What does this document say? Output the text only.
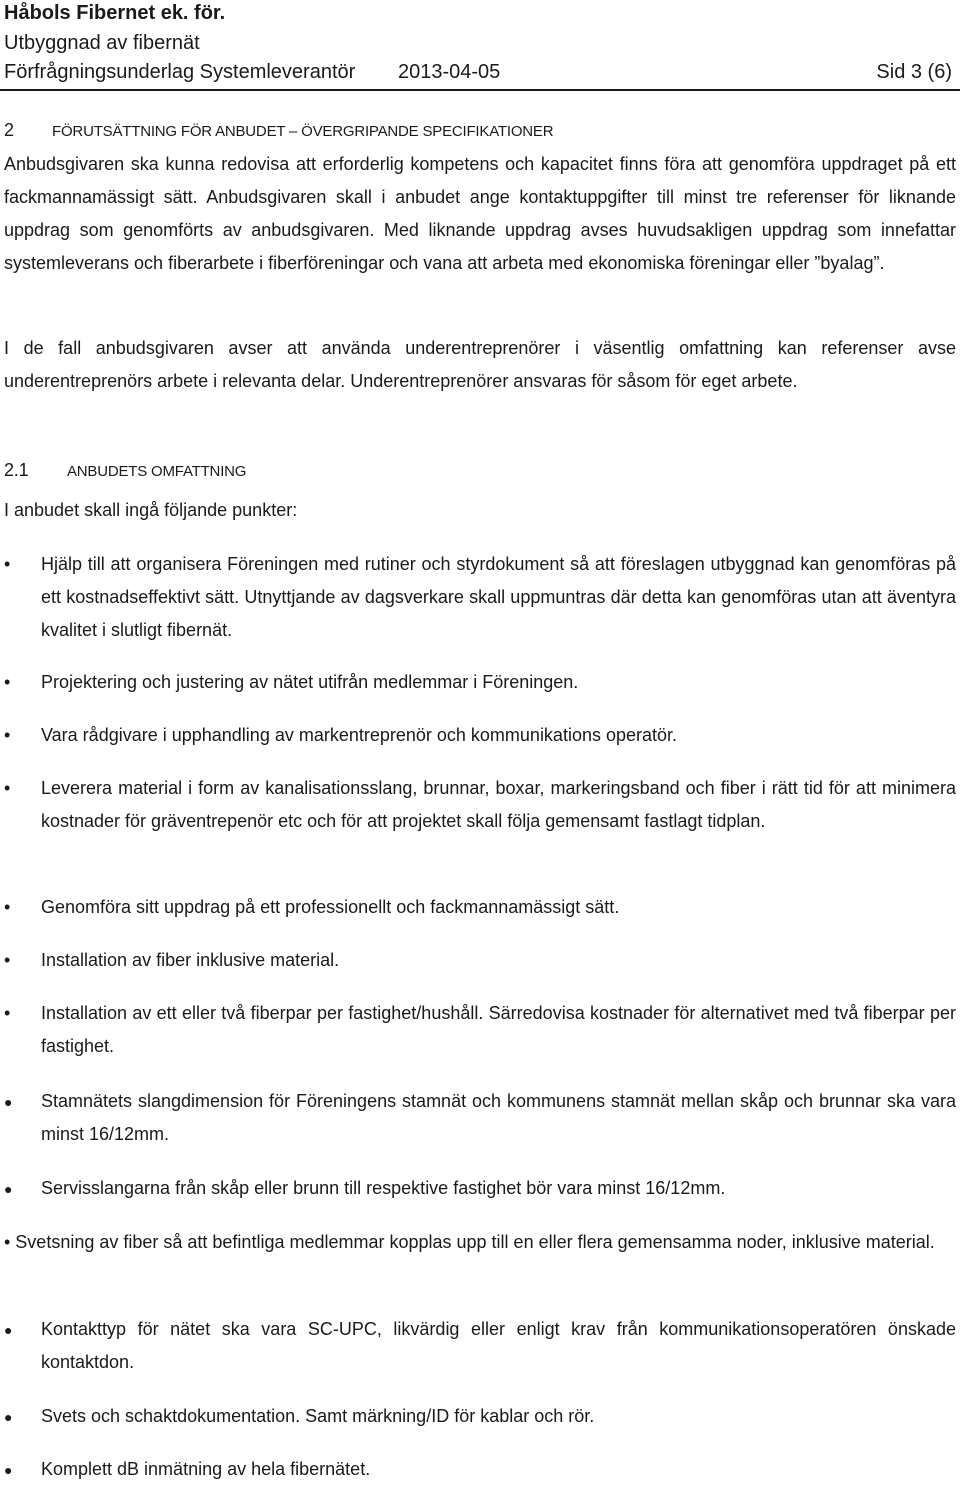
Håbols Fibernet ek. för.
Utbyggnad av fibernät
Förfrågningsunderlag Systemleverantör 2013-04-05	Sid 3 (6)
2	FÖRUTSÄTTNING FÖR ANBUDET – ÖVERGRIPANDE SPECIFIKATIONER

Anbudsgivaren ska kunna redovisa att erforderlig kompetens och kapacitet finns föra att genomföra uppdraget på ett fackmannamässigt sätt. Anbudsgivaren skall i anbudet ange kontaktuppgifter till minst tre referenser för liknande uppdrag som genomförts av anbudsgivaren. Med liknande uppdrag avses huvudsakligen uppdrag som innefattar systemleverans och fiberarbete i fiberföreningar och vana att arbeta med ekonomiska föreningar eller ”byalag”.

I de fall anbudsgivaren avser att använda underentreprenörer i väsentlig omfattning kan referenser avse underentreprenörs arbete i relevanta delar. Underentreprenörer ansvaras för såsom för eget arbete.

2.1	ANBUDETS OMFATTNING

I anbudet skall ingå följande punkter:

•	Hjälp till att organisera Föreningen med rutiner och styrdokument så att föreslagen utbyggnad kan genomföras på ett kostnadseffektivt sätt. Utnyttjande av dagsverkare skall uppmuntras där detta kan genomföras utan att äventyra kvalitet i slutligt fibernät.
•	Projektering och justering av nätet utifrån medlemmar i Föreningen.
•	Vara rådgivare i upphandling av markentreprenör och kommunikations operatör.
•	Leverera material i form av kanalisationsslang, brunnar, boxar, markeringsband och fiber i rätt tid för att minimera kostnader för gräventrepenör etc och för att projektet skall följa gemensamt fastlagt tidplan.
•	Genomföra sitt uppdrag på ett professionellt och fackmannamässigt sätt.
•	Installation av fiber inklusive material.
•	Installation av ett eller två fiberpar per fastighet/hushåll. Särredovisa kostnader för alternativet med två fiberpar per fastighet.
●	Stamnätets slangdimension för Föreningens stamnät och kommunens stamnät mellan skåp och brunnar ska vara minst 16/12mm.
●	Servisslangarna från skåp eller brunn till respektive fastighet bör vara minst 16/12mm.
• Svetsning av fiber så att befintliga medlemmar kopplas upp till en eller flera gemensamma noder, inklusive material.
●	Kontakttyp för nätet ska vara SC-UPC, likvärdig eller enligt krav från kommunikationsoperatören önskade kontaktdon.
●	Svets och schaktdokumentation. Samt märkning/ID för kablar och rör.
●	Komplett dB inmätning av hela fibernätet.
